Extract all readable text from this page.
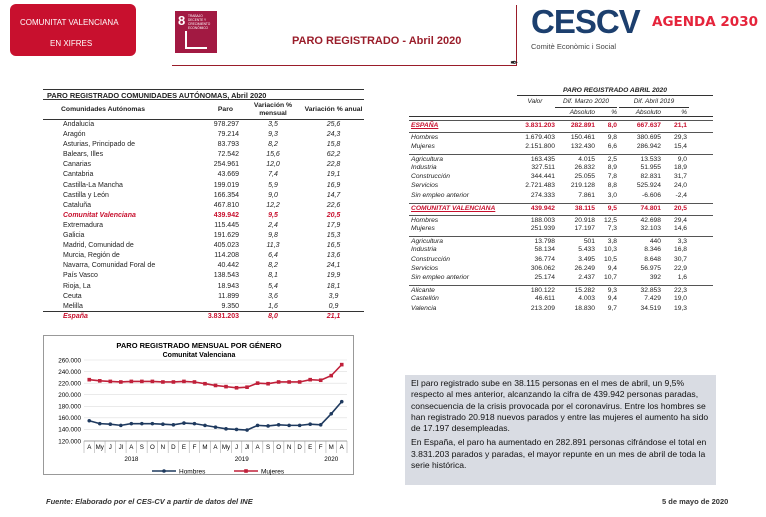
COMUNITAT VALENCIANA
EN XIFRES
8 TRABAJO DECENTE Y CRECIMIENTO ECONÓMICO
PARO REGISTRADO - Abril 2020
✒
CESCV
Comitè Econòmic i Social
AGENDA 2030
PARO REGISTRADO COMUNIDADES AUTÓNOMAS, Abril 2020
Comunidades Autónomas	Paro
Variación % mensual
Variación % anual
Andalucía	978.297	3,5	25,6
Aragón	79.214	9,3	24,3
Asturias, Principado de	83.793	8,2	15,8
Balears, Illes	72.542	15,6	62,2
Canarias	254.961	12,0	22,8
Cantabria	43.669	7,4	19,1
Castilla-La Mancha	199.019	5,9	16,9
Castilla y León	166.354	9,0	14,7
Cataluña	467.810	12,2	22,6
Comunitat Valenciana	439.942	9,5	20,5
Extremadura	115.445	2,4	17,9
Galicia	191.629	9,8	15,3
Madrid, Comunidad de	405.023	11,3	16,5
Murcia, Región de	114.208	6,4	13,6
Navarra, Comunidad Foral de	40.442	8,2	24,1
País Vasco	138.543	8,1	19,9
Rioja, La	18.943	5,4	18,1
Ceuta	11.899	3,6	3,9
Melilla	9.350	1,6	0,9
España	3.831.203	8,0	21,1
PARO REGISTRADO MENSUAL POR GÉNERO
Comunitat Valenciana
120.000
140.000
160.000
180.000
200.000
220.000
240.000
260.000
A My J Jl A S O N D E F M A My J Jl A S O N D E F M A
2018	2019	2020
Hombres	Mujeres
PARO REGISTRADO ABRIL 2020
Valor	Dif. Marzo 2020	Dif. Abril 2019
Absoluto	%	Absoluto	%
ESPAÑA	3.831.203	282.891	8,0	667.637	21,1
Hombres	1.679.403	150.461	9,8	380.695	29,3
Mujeres	2.151.800	132.430	6,6	286.942	15,4
Agricultura	163.435	4.015	2,5	13.533	9,0
Industria	327.511	26.832	8,9	51.955	18,9
Construcción	344.441	25.055	7,8	82.831	31,7
Servicios	2.721.483	219.128	8,8	525.924	24,0
Sin empleo anterior	274.333	7.861	3,0	-6.606	-2,4
COMUNITAT VALENCIANA	439.942	38.115	9,5	74.801	20,5
Hombres	188.003	20.918	12,5	42.698	29,4
Mujeres	251.939	17.197	7,3	32.103	14,6
Agricultura	13.798	501	3,8	440	3,3
Industria	58.134	5.433	10,3	8.346	16,8
Construcción	36.774	3.495	10,5	8.648	30,7
Servicios	306.062	26.249	9,4	56.975	22,9
Sin empleo anterior	25.174	2.437	10,7	392	1,6
Alicante	180.122	15.282	9,3	32.853	22,3
Castellón	46.611	4.003	9,4	7.429	19,0
Valencia	213.209	18.830	9,7	34.519	19,3

El paro registrado sube en 38.115 personas en el mes de abril, un 9,5% respecto al mes anterior, alcanzando la cifra de 439.942 personas paradas, consecuencia de la crisis provocada por el coronavirus. Entre los hombres se han registrado 20.918 nuevos parados y entre las mujeres el aumento ha sido de 17.197 desempleadas.

En España, el paro ha aumentado en 282.891 personas cifrándose el total en 3.831.203 parados y paradas, el mayor repunte en un mes de abril de toda la serie histórica.

Fuente: Elaborado por el CES-CV a partir de datos del INE	5 de mayo de 2020
